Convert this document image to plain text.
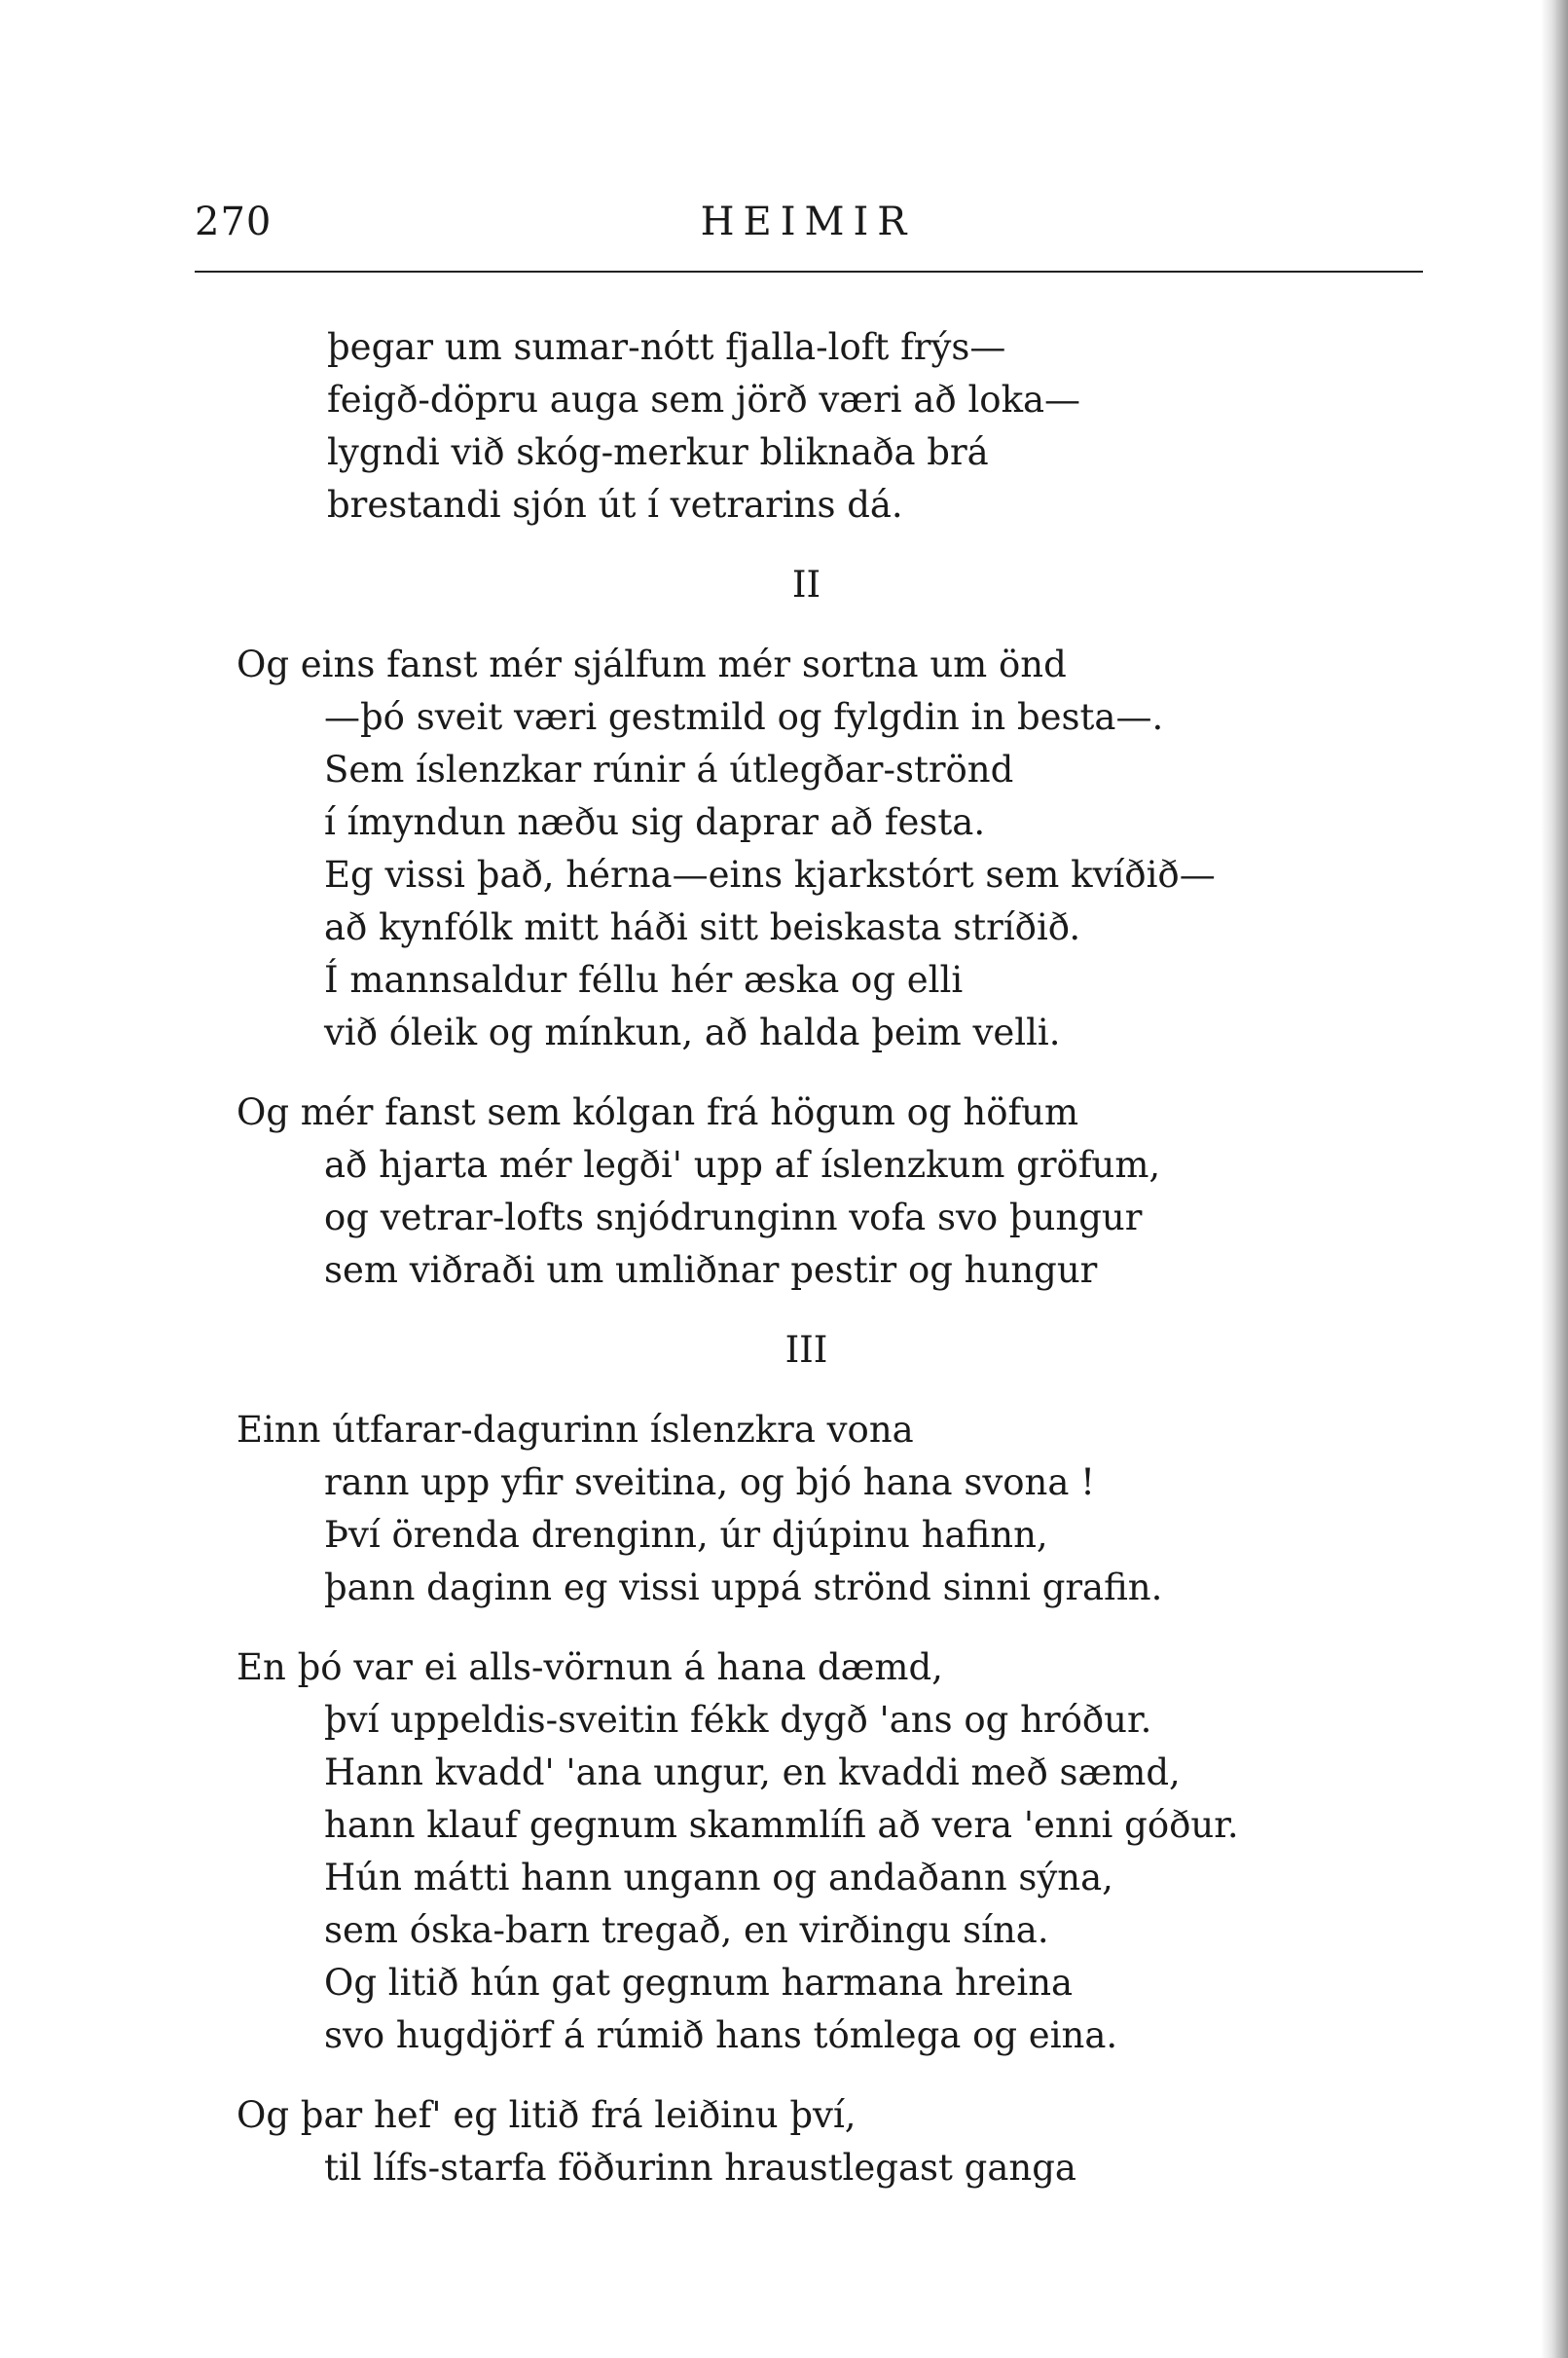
270	HEIMIR
þegar um sumar-nótt fjalla-loft frýs—
feigð-döpru auga sem jörð væri að loka—
lygndi við skóg-merkur bliknaða brá
brestandi sjón út í vetrarins dá.
II
Og eins fanst mér sjálfum mér sortna um önd
—þó sveit væri gestmild og fylgdin in besta—.
Sem íslenzkar rúnir á útlegðar-strönd
í ímyndun næðu sig daprar að festa.
Eg vissi það, hérna—eins kjarkstórt sem kvíðið—
að kynfólk mitt háði sitt beiskasta stríðið.
Í mannsaldur féllu hér æska og elli
við óleik og mínkun, að halda þeim velli.
Og mér fanst sem kólgan frá högum og höfum
að hjarta mér legði' upp af íslenzkum gröfum,
og vetrar-lofts snjódrunginn vofa svo þungur
sem viðraði um umliðnar pestir og hungur
III
Einn útfarar-dagurinn íslenzkra vona
rann upp yfir sveitina, og bjó hana svona !
Því örenda drenginn, úr djúpinu hafinn,
þann daginn eg vissi uppá strönd sinni grafin.
En þó var ei alls-vörnun á hana dæmd,
því uppeldis-sveitin fékk dygð 'ans og hróður.
Hann kvadd' 'ana ungur, en kvaddi með sæmd,
hann klauf gegnum skammlífi að vera 'enni góður.
Hún mátti hann ungann og andaðann sýna,
sem óska-barn tregað, en virðingu sína.
Og litið hún gat gegnum harmana hreina
svo hugdjörf á rúmið hans tómlega og eina.
Og þar hef' eg litið frá leiðinu því,
til lífs-starfa föðurinn hraustlegast ganga
